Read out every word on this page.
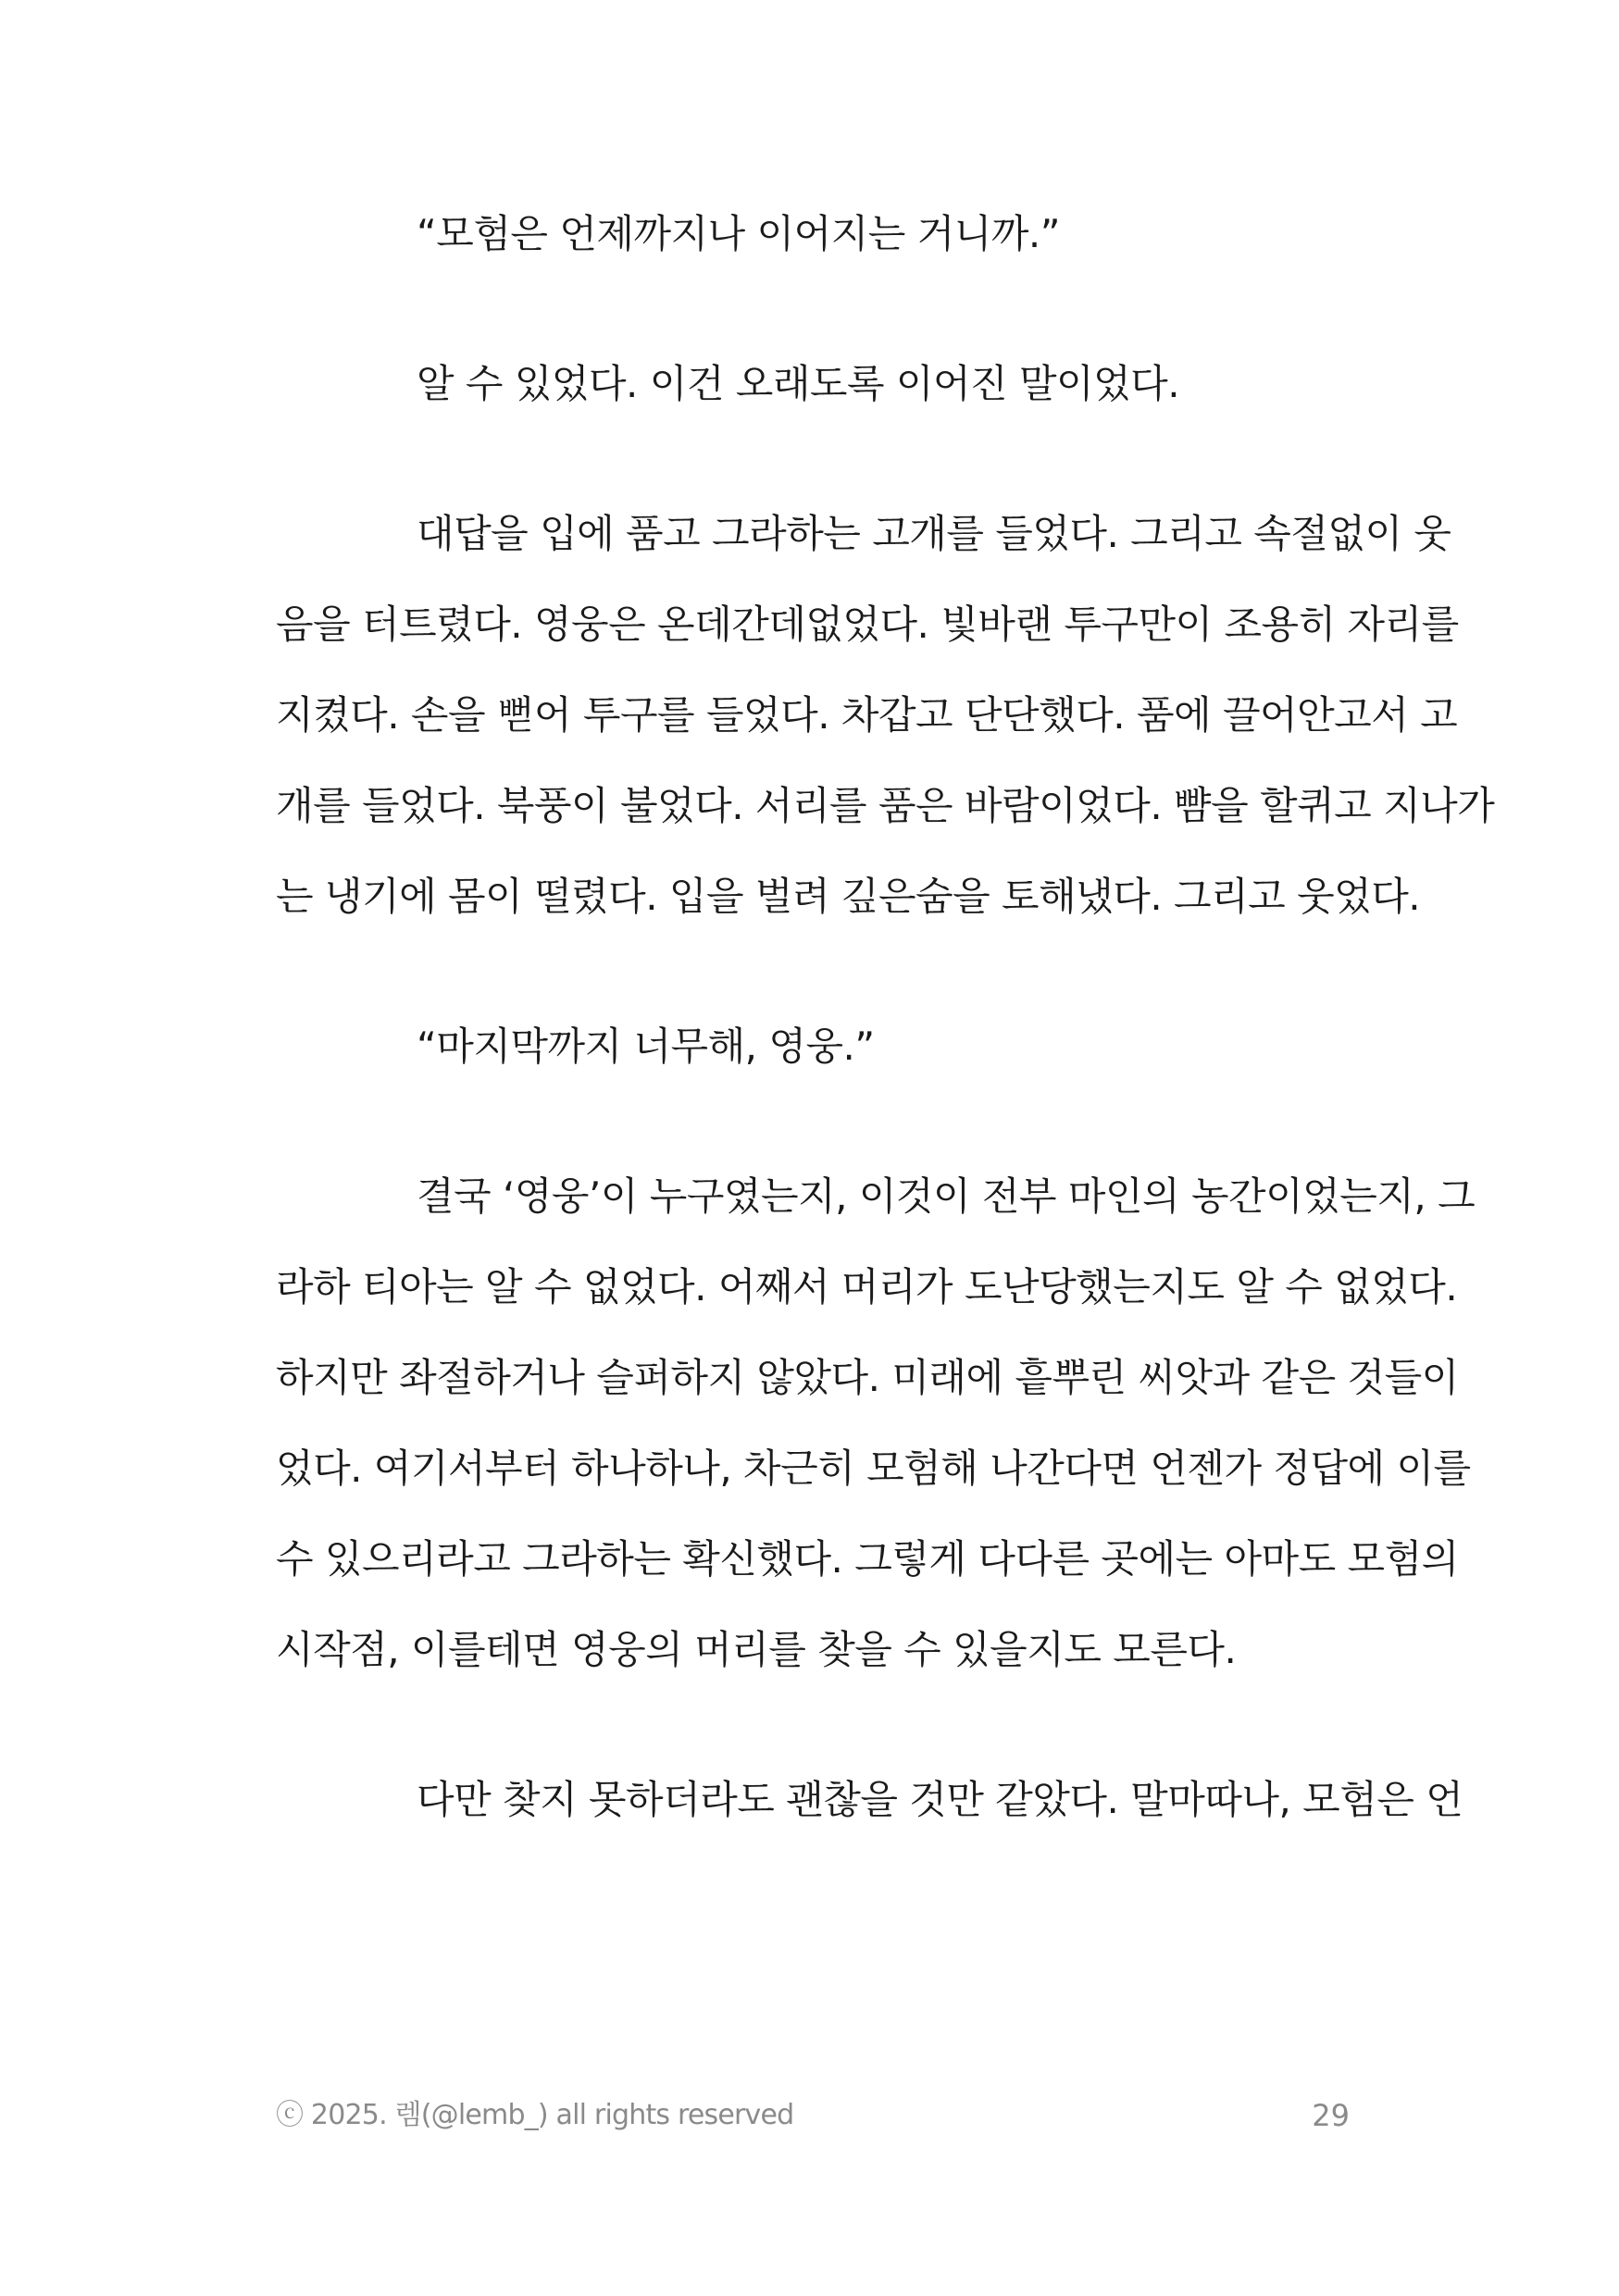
“모험은 언제까지나 이어지는 거니까.”
알 수 있었다. 이건 오래도록 이어진 말이었다.
대답을 입에 품고 그라하는 고개를 들었다. 그리고 속절없이 웃
음을 터트렸다. 영웅은 온데간데없었다. 빛바랜 투구만이 조용히 자리를
지켰다. 손을 뻗어 투구를 들었다. 차갑고 단단했다. 품에 끌어안고서 고
개를 들었다. 북풍이 불었다. 서리를 품은 바람이었다. 뺨을 할퀴고 지나가
는 냉기에 몸이 떨렸다. 입을 벌려 깊은숨을 토해냈다. 그리고 웃었다.
“마지막까지 너무해, 영웅.”
결국 ‘영웅’이 누구였는지, 이것이 전부 마인의 농간이었는지, 그
라하 티아는 알 수 없었다. 어째서 머리가 도난당했는지도 알 수 없었다.
하지만 좌절하거나 슬퍼하지 않았다. 미래에 흩뿌린 씨앗과 같은 것들이
었다. 여기서부터 하나하나, 차근히 모험해 나간다면 언젠가 정답에 이를
수 있으리라고 그라하는 확신했다. 그렇게 다다른 곳에는 아마도 모험의
시작점, 이를테면 영웅의 머리를 찾을 수 있을지도 모른다.
다만 찾지 못하더라도 괜찮을 것만 같았다. 말마따나, 모험은 언
ⓒ 2025. 렘(@lemb_) all rights reserved	29
